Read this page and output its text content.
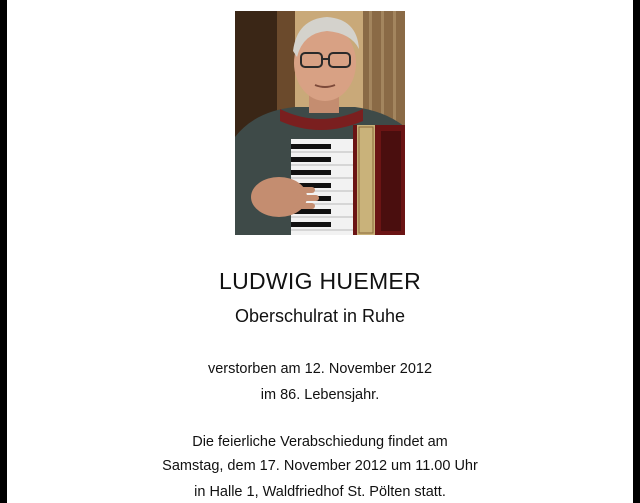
LUDWIG HUEMER
Oberschulrat in Ruhe
verstorben am 12. November 2012
im 86. Lebensjahr.
Die feierliche Verabschiedung findet am
Samstag, dem 17. November 2012 um 11.00 Uhr
in Halle 1, Waldfriedhof St. Pölten statt.
